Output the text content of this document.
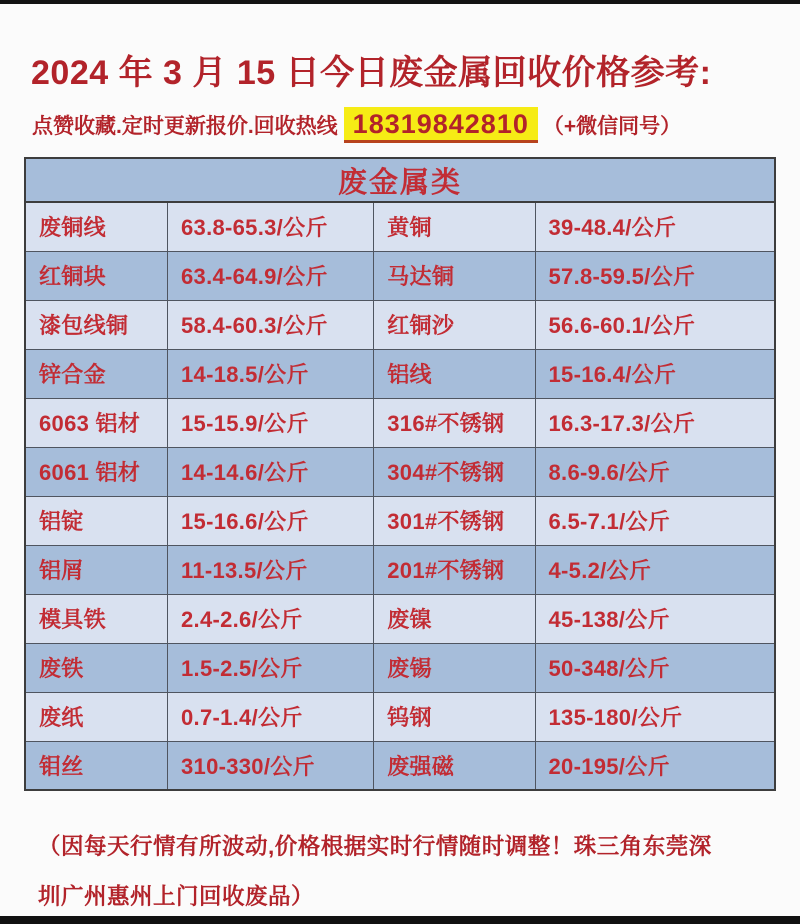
2024 年 3 月 15 日今日废金属回收价格参考:
点赞收藏.定时更新报价.回收热线 18319842810 （+微信同号）
废金属类			
废铜线	63.8-65.3/公斤	黄铜	39-48.4/公斤
红铜块	63.4-64.9/公斤	马达铜	57.8-59.5/公斤
漆包线铜	58.4-60.3/公斤	红铜沙	56.6-60.1/公斤
锌合金	14-18.5/公斤	铝线	15-16.4/公斤
6063 铝材	15-15.9/公斤	316#不锈钢	16.3-17.3/公斤
6061 铝材	14-14.6/公斤	304#不锈钢	8.6-9.6/公斤
铝锭	15-16.6/公斤	301#不锈钢	6.5-7.1/公斤
铝屑	11-13.5/公斤	201#不锈钢	4-5.2/公斤
模具铁	2.4-2.6/公斤	废镍	45-138/公斤
废铁	1.5-2.5/公斤	废锡	50-348/公斤
废纸	0.7-1.4/公斤	钨钢	135-180/公斤
钼丝	310-330/公斤	废强磁	20-195/公斤
（因每天行情有所波动,价格根据实时行情随时调整！珠三角东莞深
圳广州惠州上门回收废品）
